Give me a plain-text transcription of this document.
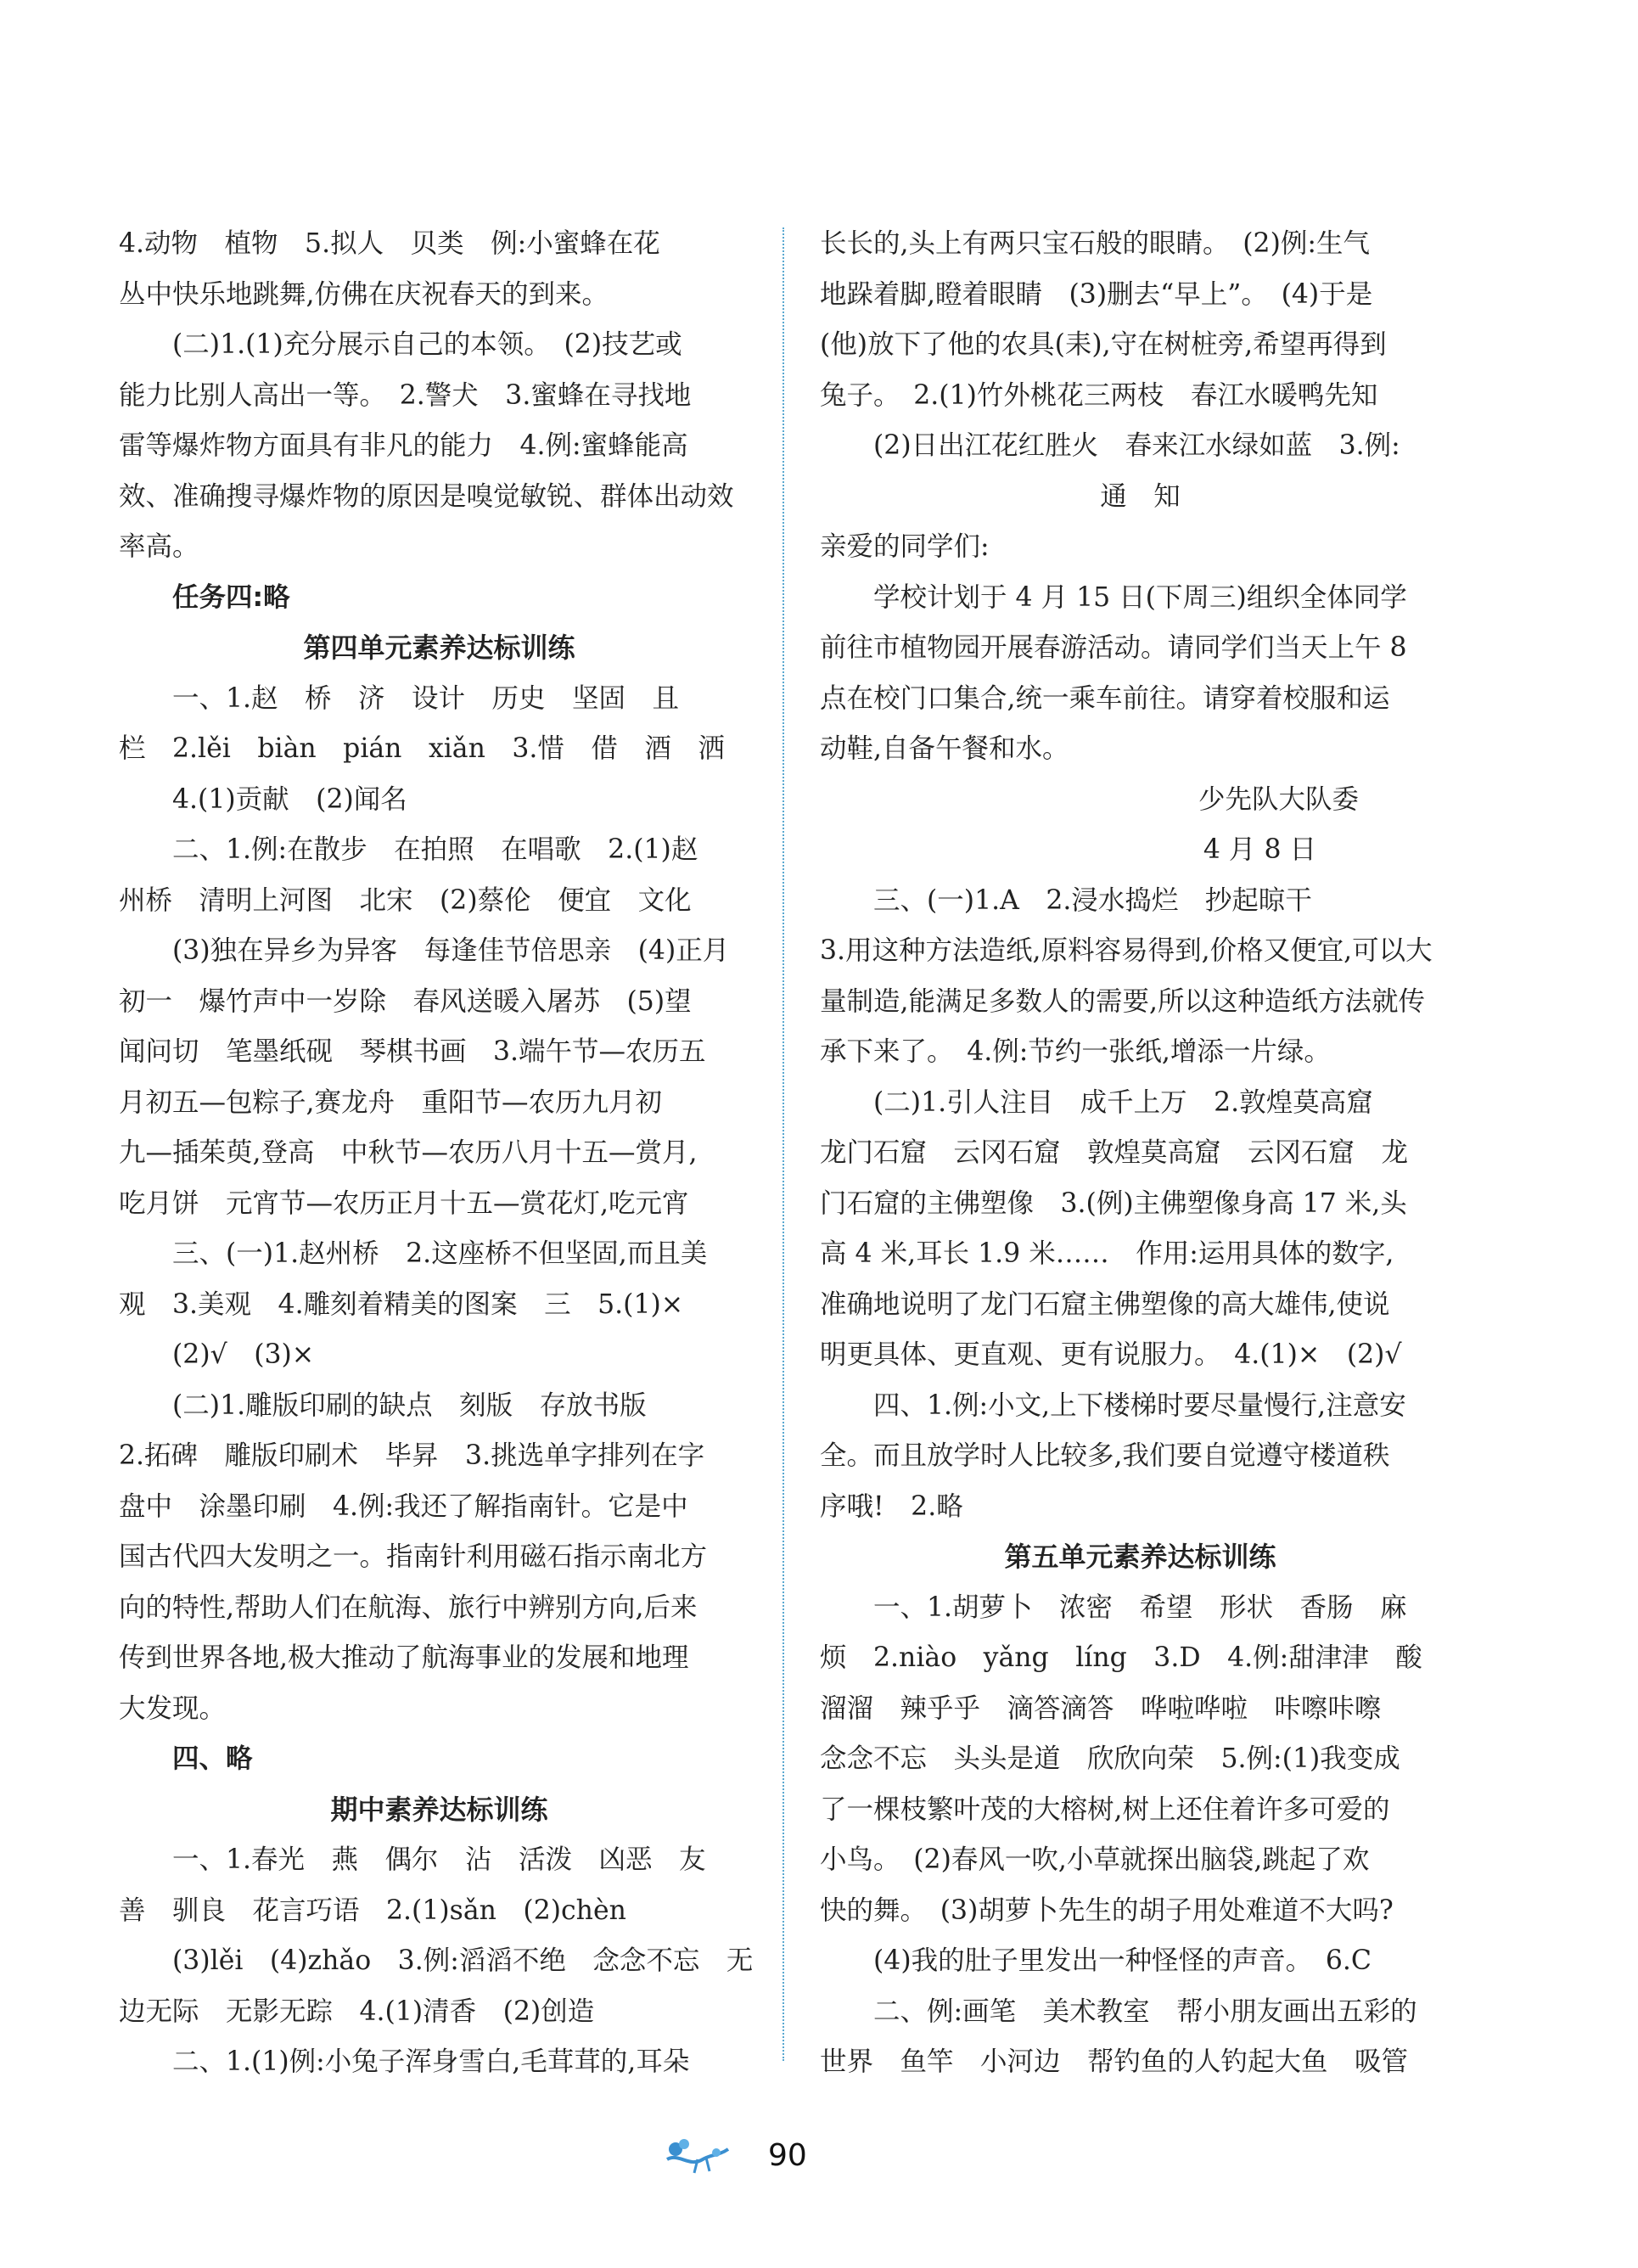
4.动物　植物　5.拟人　贝类　例:小蜜蜂在花
丛中快乐地跳舞,仿佛在庆祝春天的到来。
(二)1.(1)充分展示自己的本领。　(2)技艺或
能力比别人高出一等。　2.警犬　3.蜜蜂在寻找地
雷等爆炸物方面具有非凡的能力　4.例:蜜蜂能高
效、准确搜寻爆炸物的原因是嗅觉敏锐、群体出动效
率高。
任务四:略
第四单元素养达标训练
一、1.赵　桥　济　设计　历史　坚固　且
栏　2.lěi　biàn　pián　xiǎn　3.惜　借　酒　洒
4.(1)贡献　(2)闻名
二、1.例:在散步　在拍照　在唱歌　2.(1)赵
州桥　清明上河图　北宋　(2)蔡伦　便宜　文化
(3)独在异乡为异客　每逢佳节倍思亲　(4)正月
初一　爆竹声中一岁除　春风送暖入屠苏　(5)望
闻问切　笔墨纸砚　琴棋书画　3.端午节—农历五
月初五—包粽子,赛龙舟　重阳节—农历九月初
九—插茱萸,登高　中秋节—农历八月十五—赏月,
吃月饼　元宵节—农历正月十五—赏花灯,吃元宵
三、(一)1.赵州桥　2.这座桥不但坚固,而且美
观　3.美观　4.雕刻着精美的图案　三　5.(1)×
(2)√　(3)×
(二)1.雕版印刷的缺点　刻版　存放书版
2.拓碑　雕版印刷术　毕昇　3.挑选单字排列在字
盘中　涂墨印刷　4.例:我还了解指南针。它是中
国古代四大发明之一。指南针利用磁石指示南北方
向的特性,帮助人们在航海、旅行中辨别方向,后来
传到世界各地,极大推动了航海事业的发展和地理
大发现。
四、略
期中素养达标训练
一、1.春光　燕　偶尔　沾　活泼　凶恶　友
善　驯良　花言巧语　2.(1)sǎn　(2)chèn
(3)lěi　(4)zhǎo　3.例:滔滔不绝　念念不忘　无
边无际　无影无踪　4.(1)清香　(2)创造
二、1.(1)例:小兔子浑身雪白,毛茸茸的,耳朵
长长的,头上有两只宝石般的眼睛。　(2)例:生气
地跺着脚,瞪着眼睛　(3)删去“早上”。　(4)于是
(他)放下了他的农具(耒),守在树桩旁,希望再得到
兔子。　2.(1)竹外桃花三两枝　春江水暖鸭先知
(2)日出江花红胜火　春来江水绿如蓝　3.例:
通　知
亲爱的同学们:
学校计划于 4 月 15 日(下周三)组织全体同学
前往市植物园开展春游活动。请同学们当天上午 8
点在校门口集合,统一乘车前往。请穿着校服和运
动鞋,自备午餐和水。
少先队大队委
4 月 8 日
三、(一)1.A　2.浸水捣烂　抄起晾干
3.用这种方法造纸,原料容易得到,价格又便宜,可以大
量制造,能满足多数人的需要,所以这种造纸方法就传
承下来了。　4.例:节约一张纸,增添一片绿。
(二)1.引人注目　成千上万　2.敦煌莫高窟
龙门石窟　云冈石窟　敦煌莫高窟　云冈石窟　龙
门石窟的主佛塑像　3.(例)主佛塑像身高 17 米,头
高 4 米,耳长 1.9 米……　作用:运用具体的数字,
准确地说明了龙门石窟主佛塑像的高大雄伟,使说
明更具体、更直观、更有说服力。　4.(1)×　(2)√
四、1.例:小文,上下楼梯时要尽量慢行,注意安
全。而且放学时人比较多,我们要自觉遵守楼道秩
序哦!　2.略
第五单元素养达标训练
一、1.胡萝卜　浓密　希望　形状　香肠　麻
烦　2.niào　yǎng　líng　3.D　4.例:甜津津　酸
溜溜　辣乎乎　滴答滴答　哗啦哗啦　咔嚓咔嚓
念念不忘　头头是道　欣欣向荣　5.例:(1)我变成
了一棵枝繁叶茂的大榕树,树上还住着许多可爱的
小鸟。　(2)春风一吹,小草就探出脑袋,跳起了欢
快的舞。　(3)胡萝卜先生的胡子用处难道不大吗?
(4)我的肚子里发出一种怪怪的声音。　6.C
二、例:画笔　美术教室　帮小朋友画出五彩的
世界　鱼竿　小河边　帮钓鱼的人钓起大鱼　吸管
90
